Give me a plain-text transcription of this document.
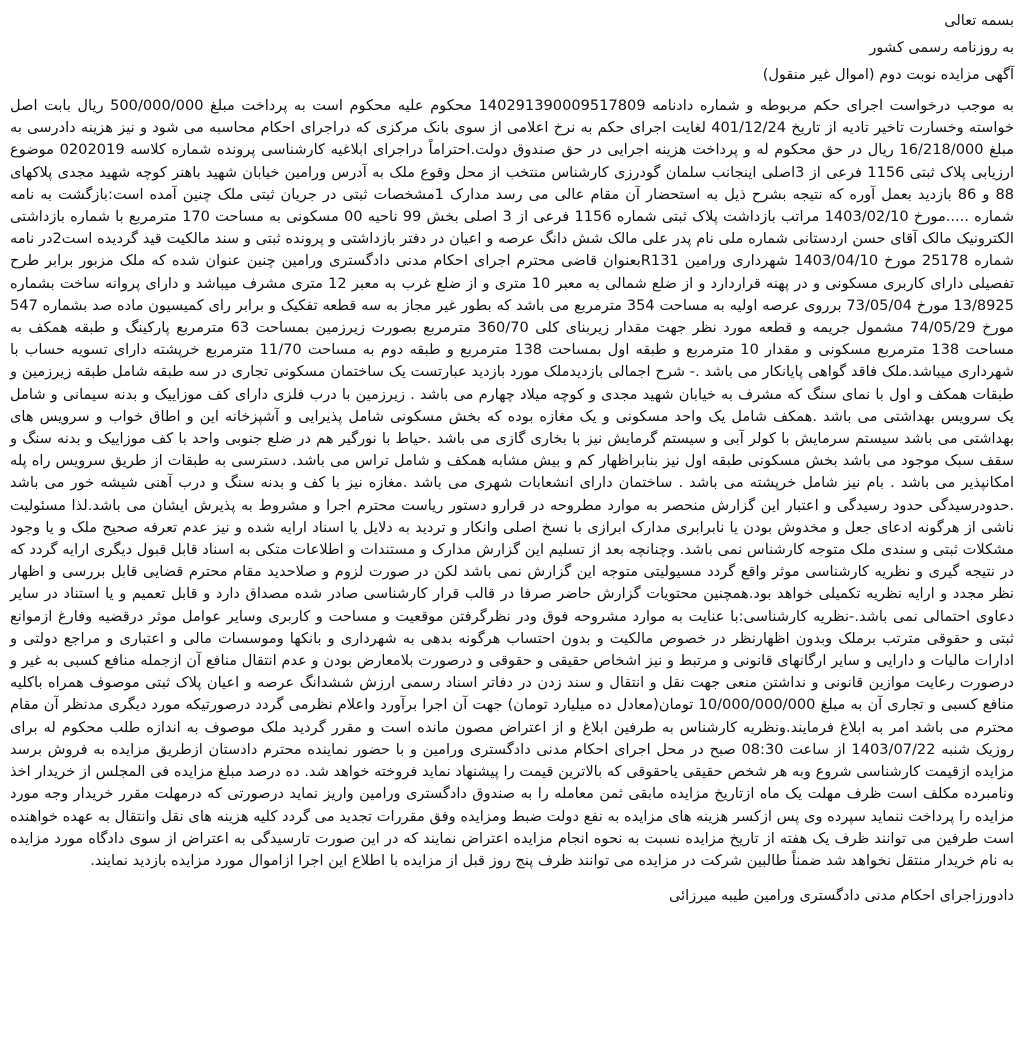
بسمه تعالی
به روزنامه رسمی کشور
آگهی مزایده نوبت دوم (اموال غیر منقول)

به موجب درخواست اجرای حکم مربوطه و شماره دادنامه 140291390009517809 محکوم علیه محکوم است به پرداخت مبلغ 500/000/000 ریال بابت اصل خواسته وخسارت تاخیر تادیه از تاریخ 401/12/24 لغایت اجرای حکم به نرخ اعلامی از سوی بانک مرکزی که دراجرای احکام محاسبه می شود و نیز هزینه دادرسی به مبلغ 16/218/000 ریال در حق محکوم له و پرداخت هزینه اجرایی در حق صندوق دولت.احتراماً دراجرای ابلاغیه کارشناسی پرونده شماره کلاسه 0202019 موضوع ارزیابی پلاک ثبتی 1156 فرعی از 3اصلی اینجانب سلمان گودرزی کارشناس منتخب از محل وقوع ملک به آدرس ورامین خیابان شهید باهنر کوچه شهید مجدی پلاکهای 88 و 86 بازدید بعمل آوره که نتیجه بشرح ذیل به استحضار آن مقام عالی می رسد مدارک 1مشخصات ثبتی در جریان ثبتی ملک چنین آمده است:بازگشت به نامه شماره .....مورخ 1403/02/10 مراتب بازداشت پلاک ثبتی شماره 1156 فرعی از 3 اصلی بخش 99 ناحیه 00 مسکونی به مساحت 170 مترمربع با شماره بازداشتی الکترونیک مالک آقای حسن اردستانی شماره ملی نام پدر علی مالک شش دانگ عرصه و اعیان در دفتر بازداشتی و پرونده ثبتی و سند مالکیت قید گردیده است2در نامه شماره 25178 مورخ 1403/04/10 شهرداری ورامین R131بعنوان قاضی محترم اجرای احکام مدنی دادگستری ورامین چنین عنوان شده که ملک مزبور برابر طرح تفصیلی دارای کاربری مسکونی و در پهنه قراردارد و از ضلع شمالی به معبر 10 متری و از ضلع غرب به معبر 12 متری مشرف میباشد و دارای پروانه ساخت بشماره 13/8925 مورخ 73/05/04 برروی عرصه اولیه به مساحت 354 مترمربع می باشد که بطور غیر مجاز به سه قطعه تفکیک و برابر رای کمیسیون ماده صد بشماره 547 مورخ 74/05/29 مشمول جریمه و قطعه مورد نظر جهت مقدار زیربنای کلی 360/70 مترمربع بصورت زیرزمین بمساحت 63 مترمربع پارکینگ و طبقه همکف به مساحت 138 مترمربع مسکونی و مقدار 10 مترمربع و طبقه اول بمساحت 138 مترمربع و طبقه دوم به مساحت 11/70 مترمربع خرپشته دارای تسویه حساب با شهرداری میباشد.ملک فاقد گواهی پایانکار می باشد .- شرح اجمالی بازدیدملک مورد بازدید عبارتست یک ساختمان مسکونی تجاری در سه طبقه شامل طبقه زیرزمین و طبقات همکف و اول با نمای سنگ که مشرف به خیابان شهید مجدی و کوچه میلاد چهارم می باشد . زیرزمین با درب فلزی دارای کف موزاییک و بدنه سیمانی و شامل یک سرویس بهداشتی می باشد .همکف شامل یک واحد مسکونی و یک مغازه بوده که بخش مسکونی شامل پذیرایی و آشپزخانه این و اطاق خواب و سرویس های بهداشتی می باشد سیستم سرمایش با کولر آبی و سیستم گرمایش نیز با بخاری گازی می باشد .حیاط با نورگیر هم در ضلع جنوبی واحد با کف موزاییک و بدنه سنگ و سقف سبک موجود می باشد بخش مسکونی طبقه اول نیز بنابراظهار کم و بیش مشابه همکف و شامل تراس می باشد. دسترسی به طبقات از طریق سرویس راه پله امکانپذیر می باشد . بام نیز شامل خرپشته می باشد . ساختمان دارای انشعابات شهری می باشد .مغازه نیز با کف و بدنه سنگ و درب آهنی شیشه خور می باشد .حدودرسیدگی حدود رسیدگی و اعتبار این گزارش منحصر به موارد مطروحه در قرارو دستور ریاست محترم اجرا و مشروط به پذیرش ایشان می باشد.لذا مسئولیت ناشی از هرگونه ادعای جعل و مخدوش بودن یا نابرابری مدارک ابرازی با نسخ اصلی وانکار و تردید به دلایل یا اسناد ارایه شده و نیز عدم تعرفه صحیح ملک و یا وجود مشکلات ثبتی و سندی ملک متوجه کارشناس نمی باشد. وچنانچه بعد از تسلیم این گزارش مدارک و مستندات و اطلاعات متکی به اسناد قابل قبول دیگری ارایه گردد که در نتیجه گیری و نظریه کارشناسی موثر واقع گردد مسیولیتی متوجه این گزارش نمی باشد لکن در صورت لزوم و صلاحدید مقام محترم قضایی قابل بررسی و اظهار نظر مجدد و ارایه نظریه تکمیلی خواهد بود.همچنین محتویات گزارش حاضر صرفا در قالب قرار کارشناسی صادر شده مصداق دارد و قابل تعمیم و یا استناد در سایر دعاوی احتمالی نمی باشد.-نظریه کارشناسی:با عنایت به موارد مشروحه فوق ودر نظرگرفتن موقعیت و مساحت و کاربری وسایر عوامل موثر درقضیه وفارغ ازموانع ثبتی و حقوقی مترتب برملک وبدون اظهارنظر در خصوص مالکیت و بدون احتساب هرگونه بدهی به شهرداری و بانکها وموسسات مالی و اعتباری و مراجع دولتی و ادارات مالیات و دارایی و سایر ارگانهای قانونی و مرتبط و نیز اشخاص حقیقی و حقوقی و درصورت بلامعارض بودن و عدم انتقال منافع آن ازجمله منافع کسبی به غیر و درصورت رعایت موازین قانونی و نداشتن منعی جهت نقل و انتقال و سند زدن در دفاتر اسناد رسمی ارزش ششدانگ عرصه و اعیان پلاک ثبتی موصوف همراه باکلیه منافع کسبی و تجاری آن به مبلغ 10/000/000/000 تومان(معادل ده میلیارد تومان) جهت آن اجرا برآورد واعلام نظرمی گردد درصورتیکه مورد دیگری مدنظر آن مقام محترم می باشد امر به ابلاغ فرمایند.ونظریه کارشناس به طرفین ابلاغ و از اعتراض مصون مانده است و مقرر گردید ملک موصوف به اندازه طلب محکوم له برای روزیک شنبه 1403/07/22 از ساعت 08:30 صبح در محل اجرای احکام مدنی دادگستری ورامین و با حضور نماینده محترم دادستان ازطریق مزایده به فروش برسد مزایده ازقیمت کارشناسی شروع وبه هر شخص حقیقی یاحقوقی که بالاترین قیمت را پیشنهاد نماید فروخته خواهد شد. ده درصد مبلغ مزایده فی المجلس از خریدار اخذ ونامبرده مکلف است ظرف مهلت یک ماه ازتاریخ مزایده مابقی ثمن معامله را به صندوق دادگستری ورامین واریز نماید درصورتی که درمهلت مقرر خریدار وجه مورد مزایده را پرداخت ننماید سپرده وی پس ازکسر هزینه های مزایده به نفع دولت ضبط ومزایده وفق مقررات تجدید می گردد کلیه هزینه های نقل وانتقال به عهده خواهنده است طرفین می توانند ظرف یک هفته از تاریخ مزایده نسبت به نحوه انجام مزایده اعتراض نمایند که در این صورت تارسیدگی به اعتراض از سوی دادگاه مورد مزایده به نام خریدار منتقل نخواهد شد ضمناً طالبین شرکت در مزایده می توانند ظرف پنج روز قبل از مزایده با اطلاع این اجرا ازاموال مورد مزایده بازدید نمایند.

دادورزاجرای احکام مدنی دادگستری ورامین طیبه میرزائی
